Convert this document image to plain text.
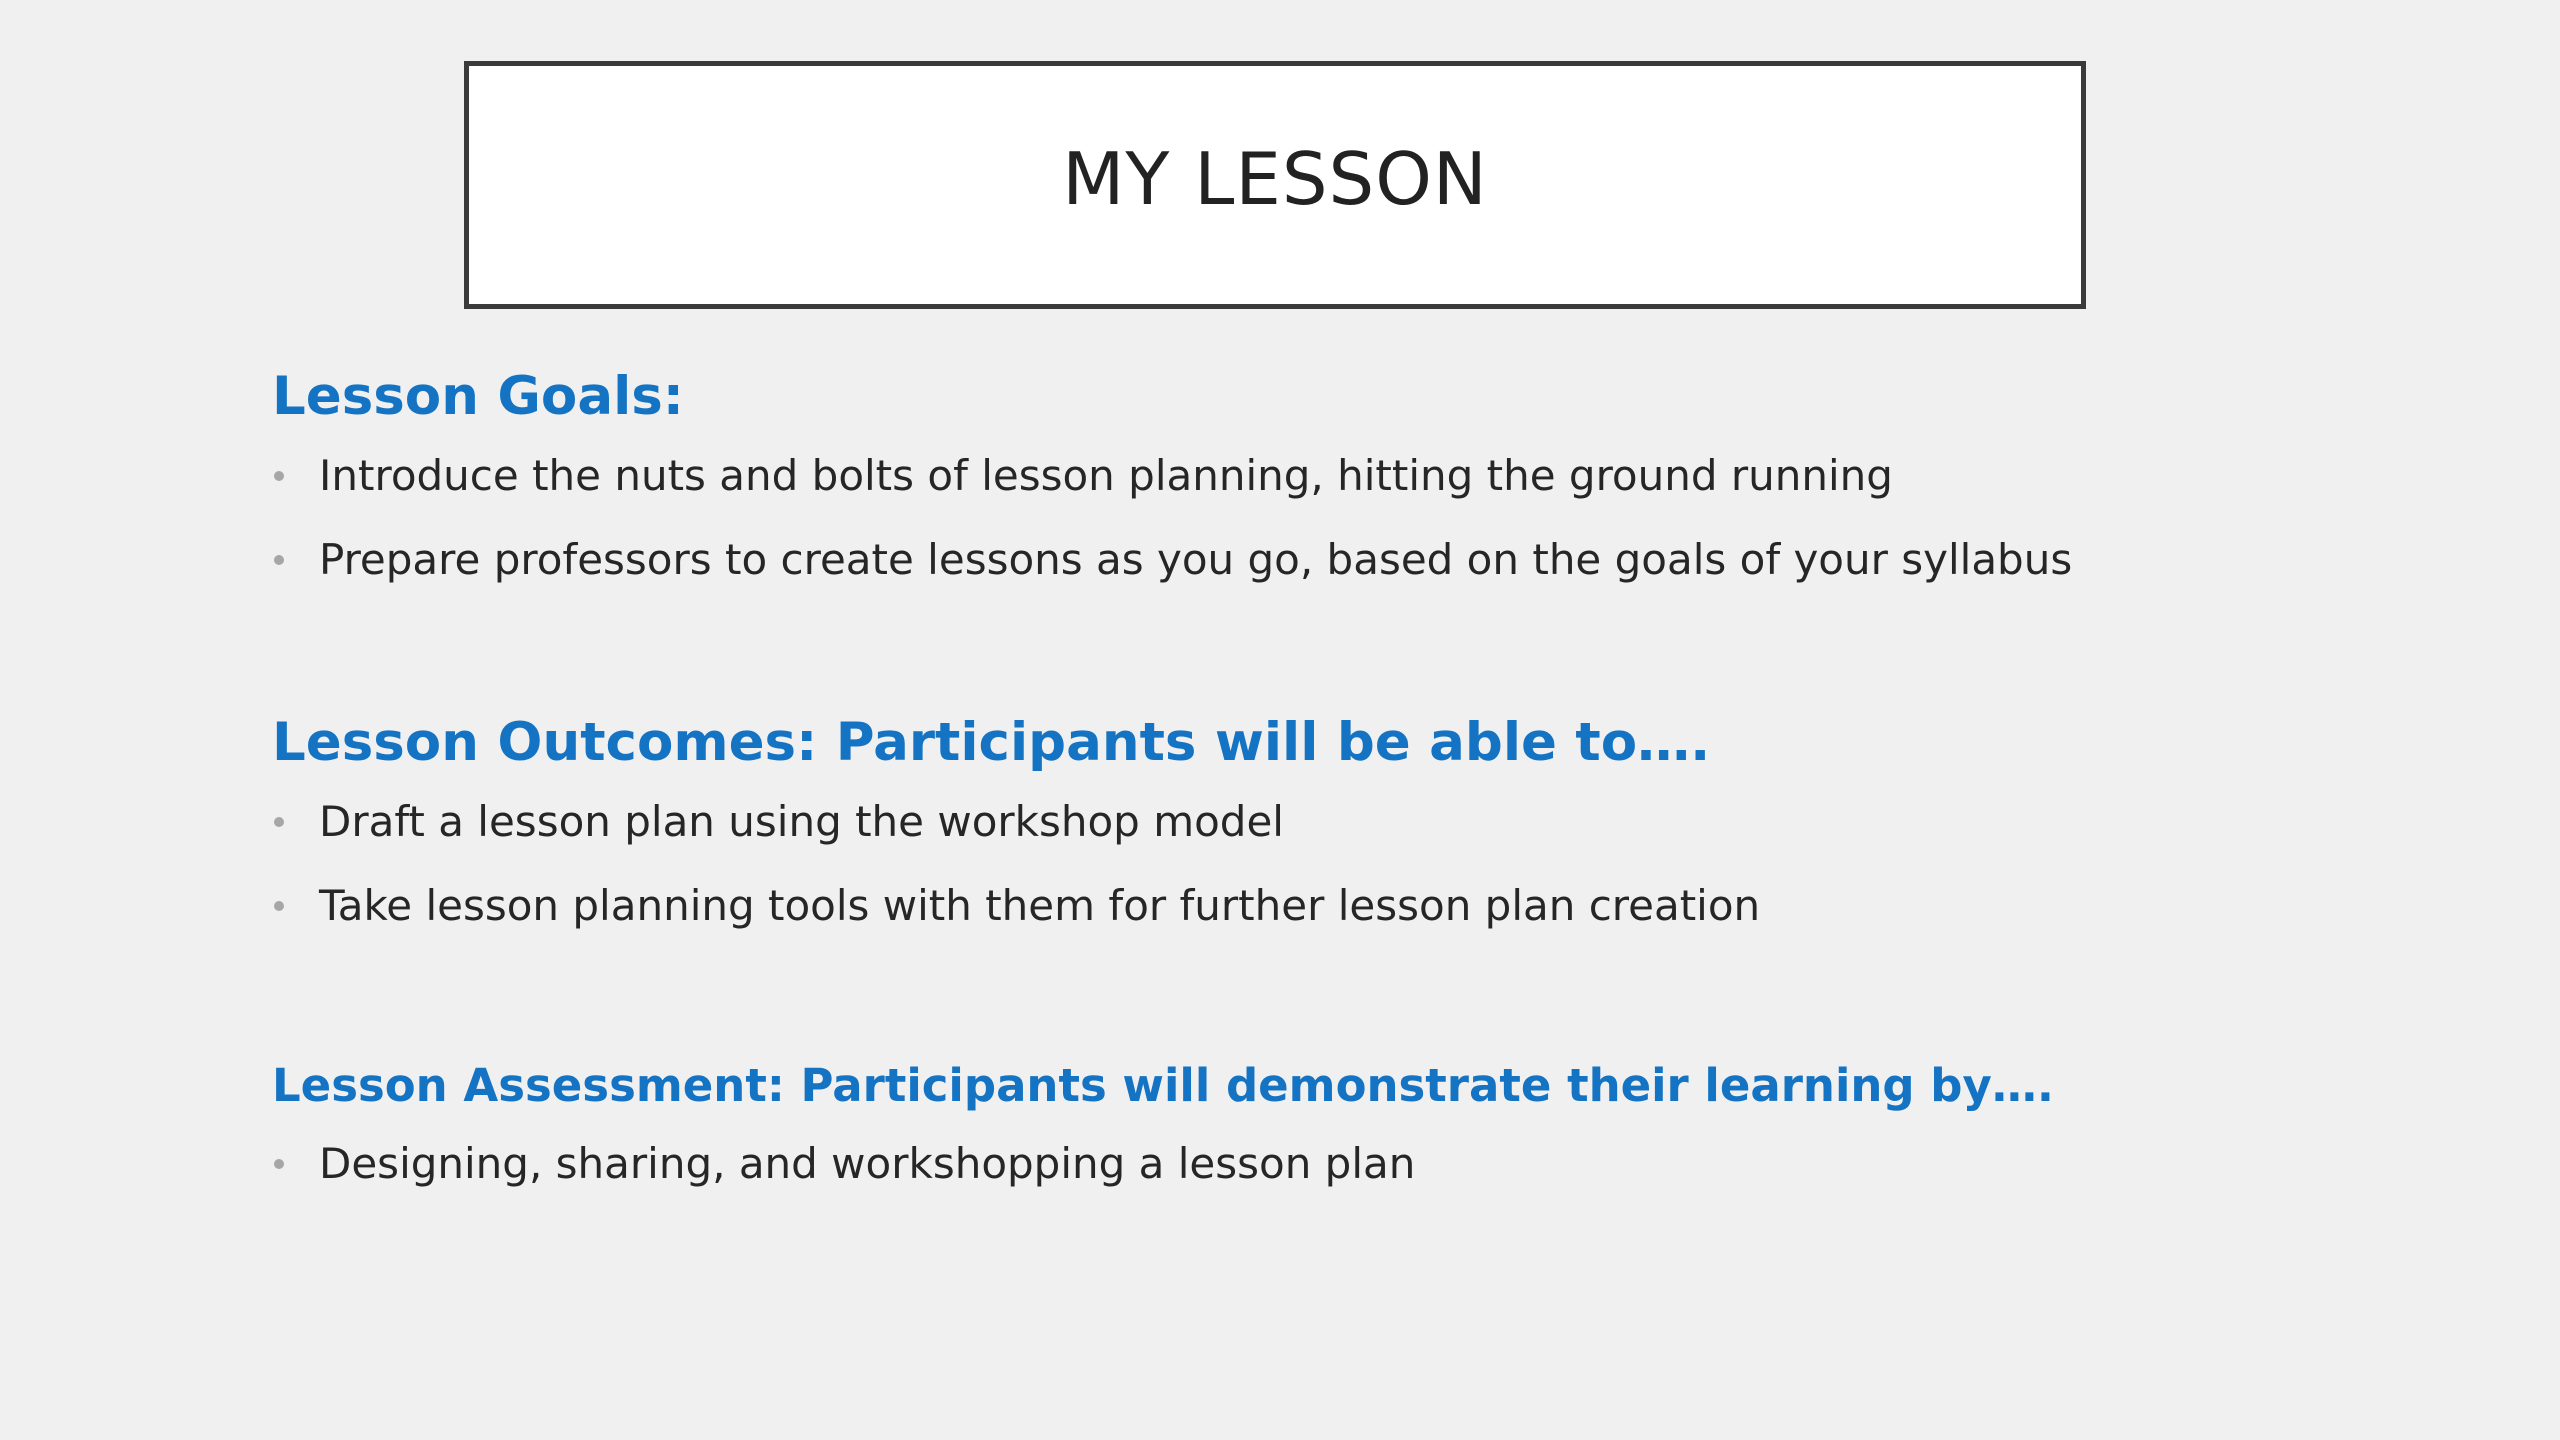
MY LESSON
Lesson Goals:
Introduce the nuts and bolts of lesson planning, hitting the ground running
Prepare professors to create lessons as you go, based on the goals of your syllabus
Lesson Outcomes: Participants will be able to….
Draft a lesson plan using the workshop model
Take lesson planning tools with them for further lesson plan creation
Lesson Assessment: Participants will demonstrate their learning by….
Designing, sharing, and workshopping a lesson plan
